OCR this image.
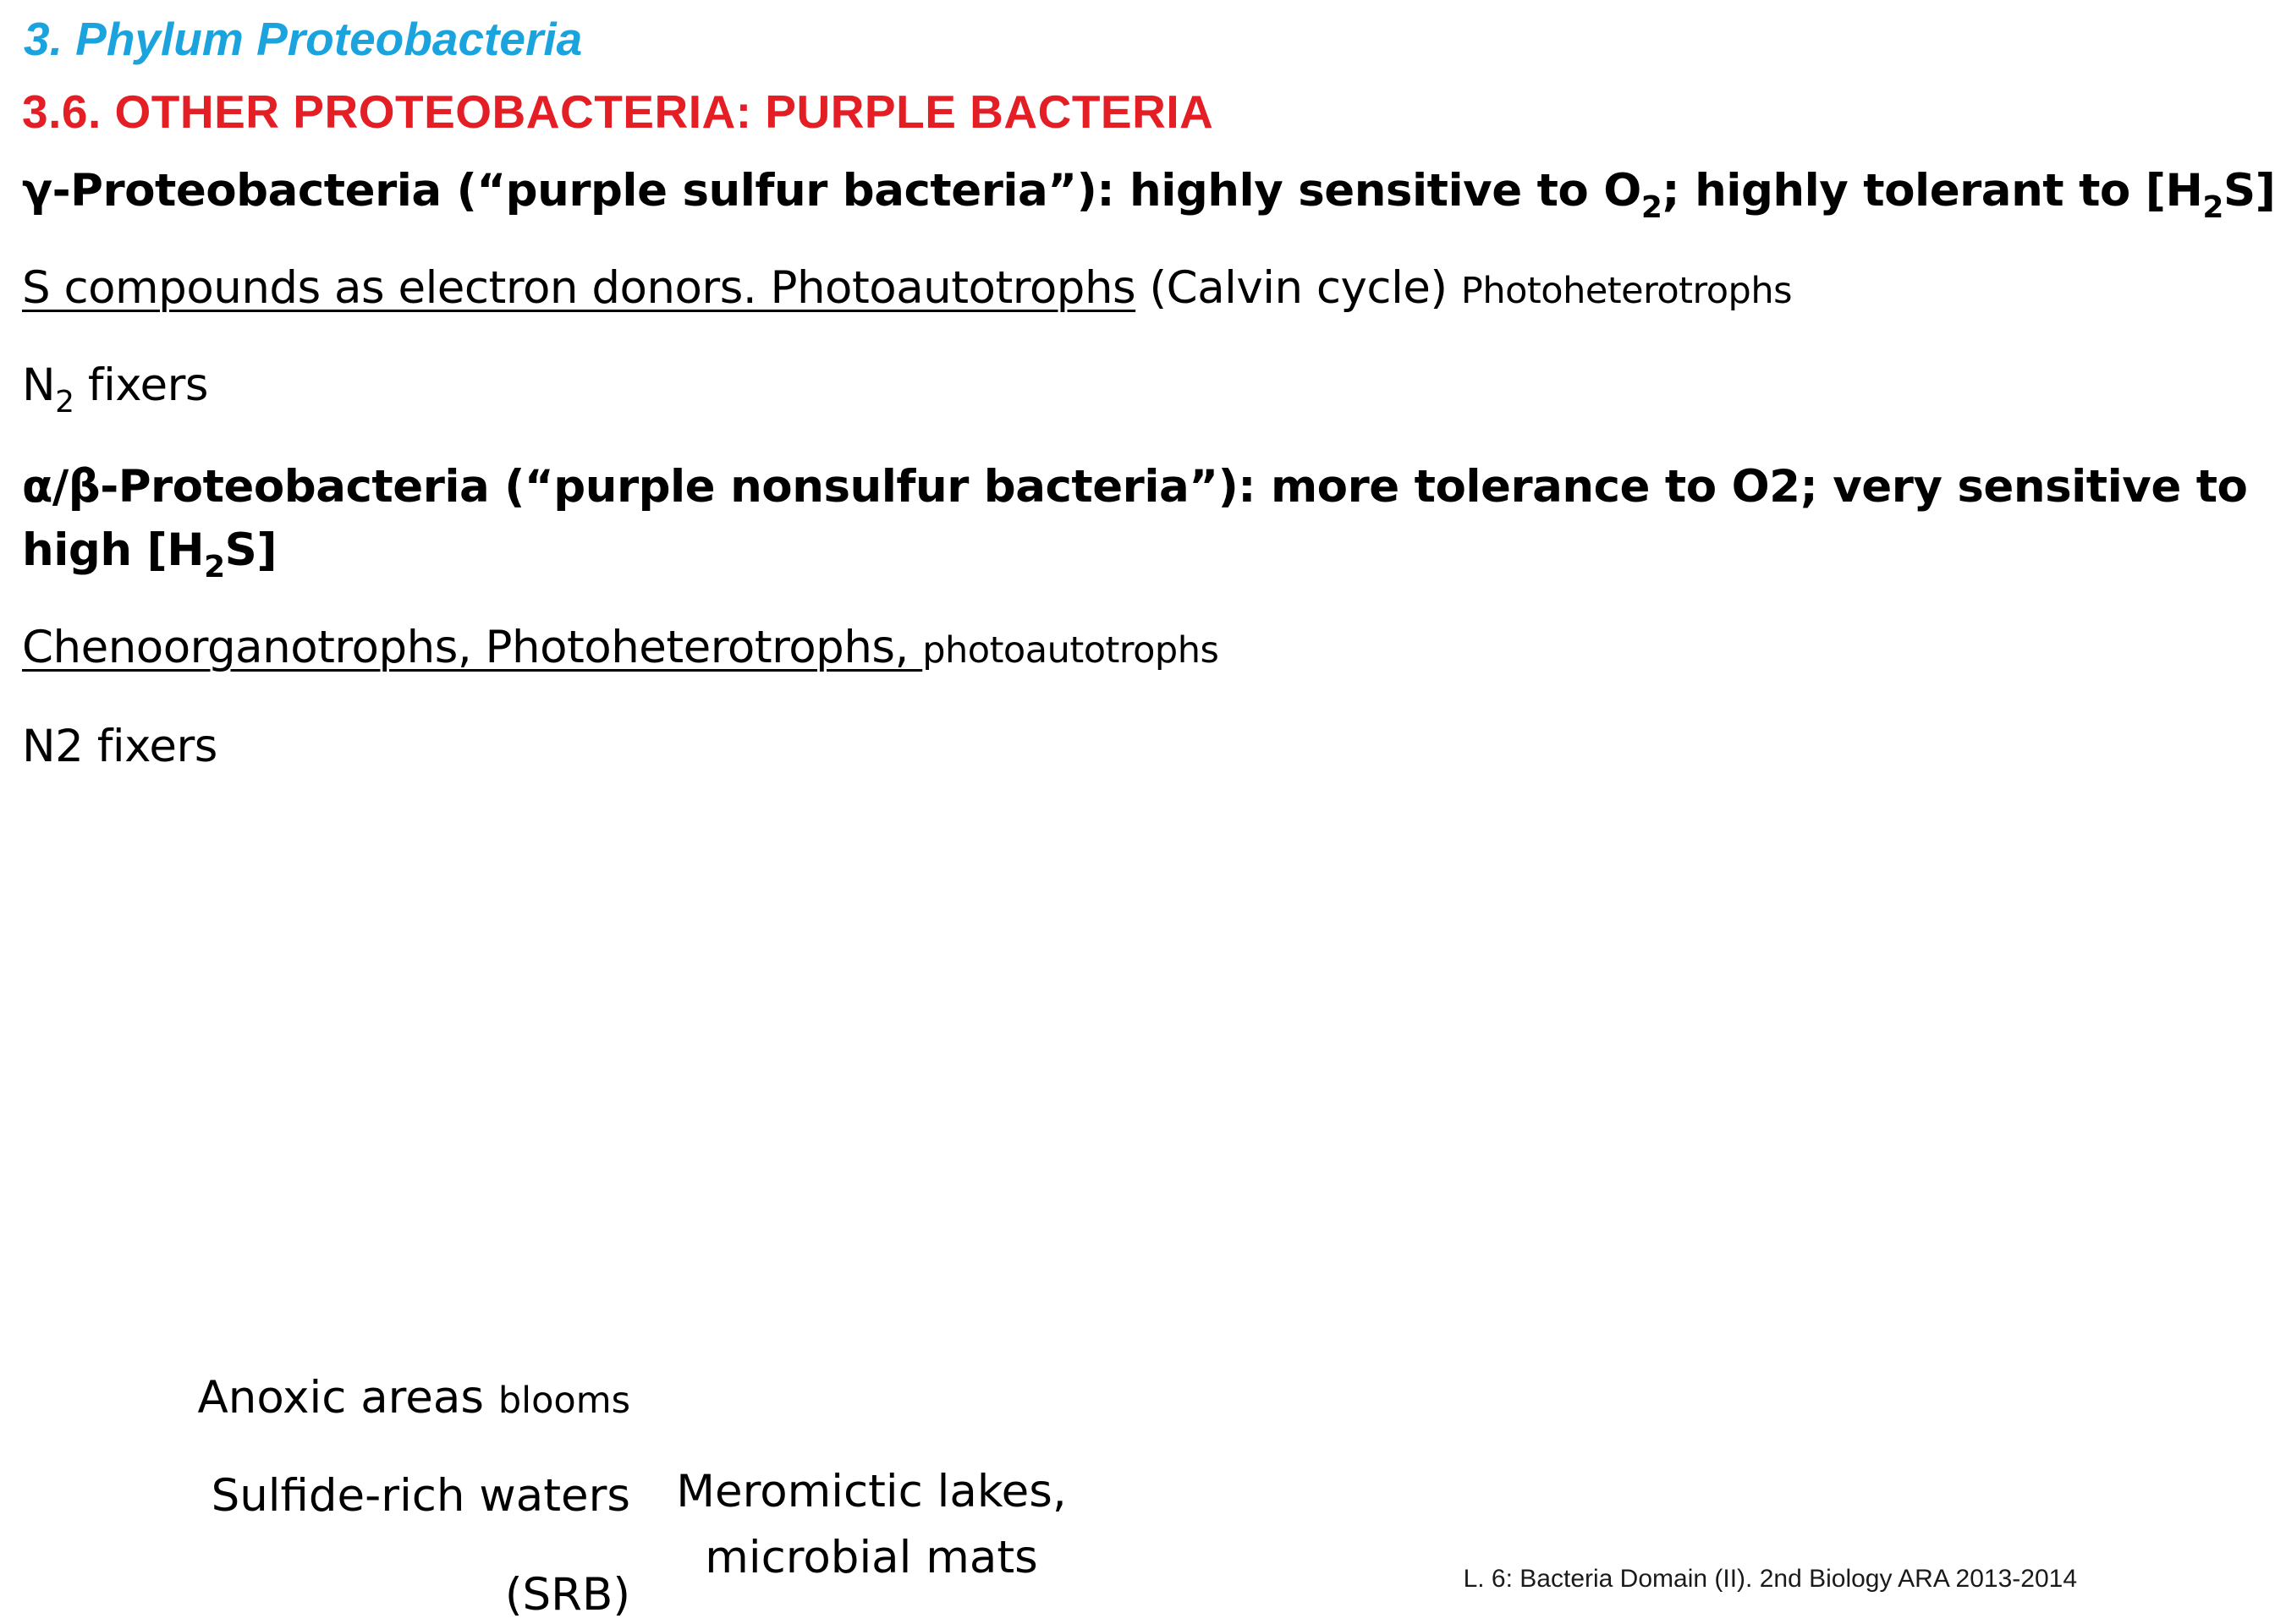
3. Phylum Proteobacteria
3.6. OTHER PROTEOBACTERIA: PURPLE BACTERIA
γ-Proteobacteria (“purple sulfur bacteria”): highly sensitive to $O_2$; highly tolerant to $[H_2S]$
S compounds as electron donors. Photoautotrophs (Calvin cycle) Photoheterotrophs
$N_2$ fixers
α/β-Proteobacteria (“purple nonsulfur bacteria”): more tolerance to O2; very sensitive to
high $[H_2S]$
Chenoorganotrophs, Photoheterotrophs, photoautotrophs
N2 fixers
Anoxic areas blooms
Sulfide-rich waters
(SRB)
Meromictic lakes, microbial mats	L. 6: Bacteria Domain (II). 2nd Biology ARA 2013-2014
